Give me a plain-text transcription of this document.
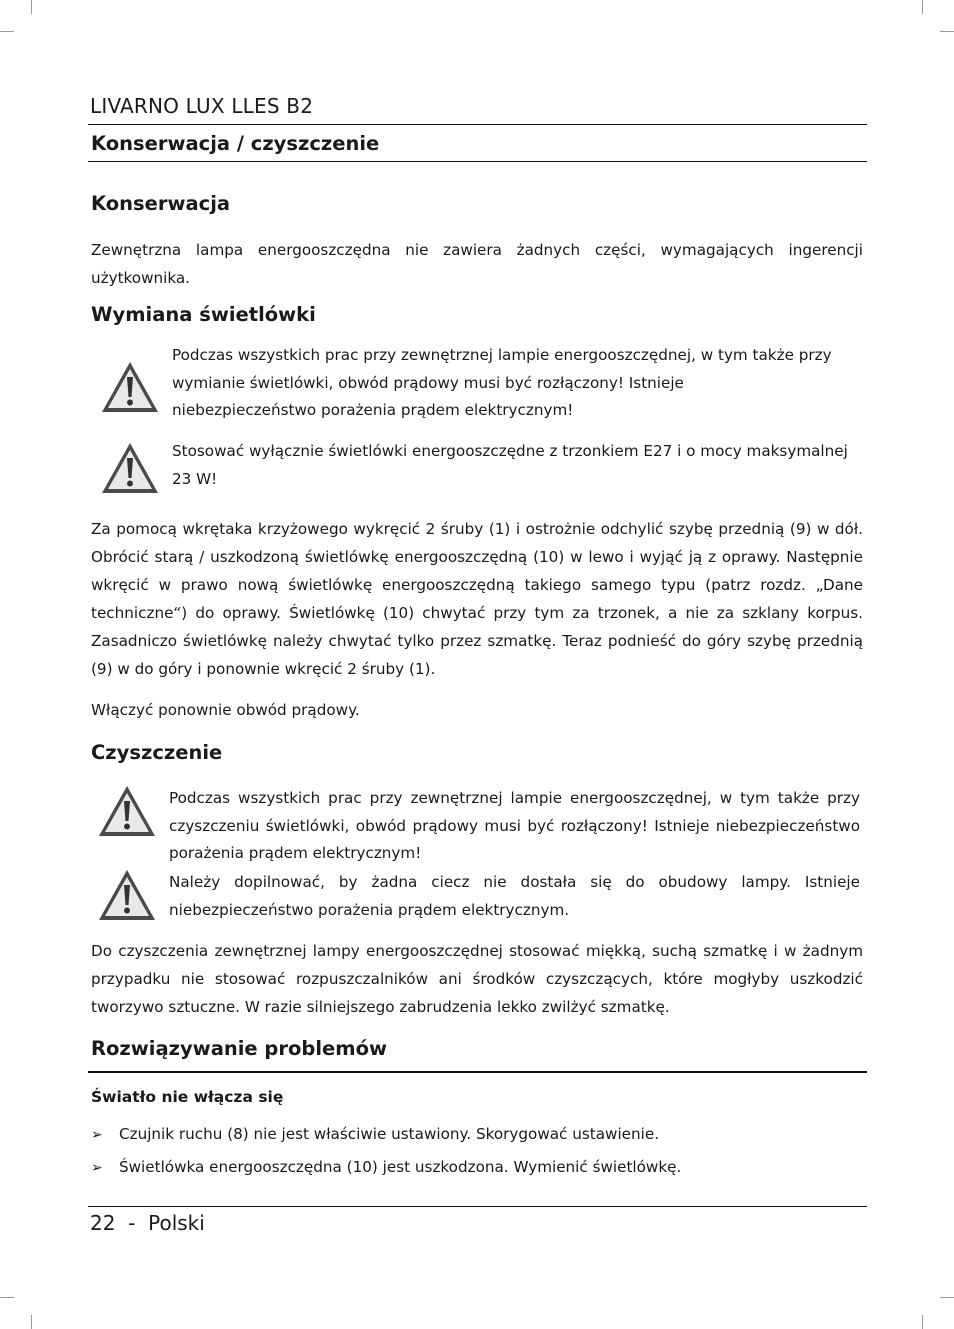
LIVARNO LUX LLES B2
Konserwacja / czyszczenie
Konserwacja
Zewnętrzna lampa energooszczędna nie zawiera żadnych części, wymagających ingerencji użytkownika.
Wymiana świetlówki
Podczas wszystkich prac przy zewnętrznej lampie energooszczędnej, w tym także przy wymianie świetlówki, obwód prądowy musi być rozłączony! Istnieje niebezpieczeństwo porażenia prądem elektrycznym!
Stosować wyłącznie świetlówki energooszczędne z trzonkiem E27 i o mocy maksymalnej 23 W!
Za pomocą wkrętaka krzyżowego wykręcić 2 śruby (1) i ostrożnie odchylić szybę przednią (9) w dół. Obrócić starą / uszkodzoną świetlówkę energooszczędną (10) w lewo i wyjąć ją z oprawy. Następnie wkręcić w prawo nową świetlówkę energooszczędną takiego samego typu (patrz rozdz. „Dane techniczne“) do oprawy. Świetlówkę (10) chwytać przy tym za trzonek, a nie za szklany korpus. Zasadniczo świetlówkę należy chwytać tylko przez szmatkę. Teraz podnieść do góry szybę przednią (9) w do góry i ponownie wkręcić 2 śruby (1).
Włączyć ponownie obwód prądowy.
Czyszczenie
Podczas wszystkich prac przy zewnętrznej lampie energooszczędnej, w tym także przy czyszczeniu świetlówki, obwód prądowy musi być rozłączony! Istnieje niebezpieczeństwo porażenia prądem elektrycznym!
Należy dopilnować, by żadna ciecz nie dostała się do obudowy lampy. Istnieje niebezpieczeństwo porażenia prądem elektrycznym.
Do czyszczenia zewnętrznej lampy energooszczędnej stosować miękką, suchą szmatkę i w żadnym przypadku nie stosować rozpuszczalników ani środków czyszczących, które mogłyby uszkodzić tworzywo sztuczne. W razie silniejszego zabrudzenia lekko zwilżyć szmatkę.
Rozwiązywanie problemów
Światło nie włącza się
➢ Czujnik ruchu (8) nie jest właściwie ustawiony. Skorygować ustawienie.
➢ Świetlówka energooszczędna (10) jest uszkodzona. Wymienić świetlówkę.
22 - Polski
